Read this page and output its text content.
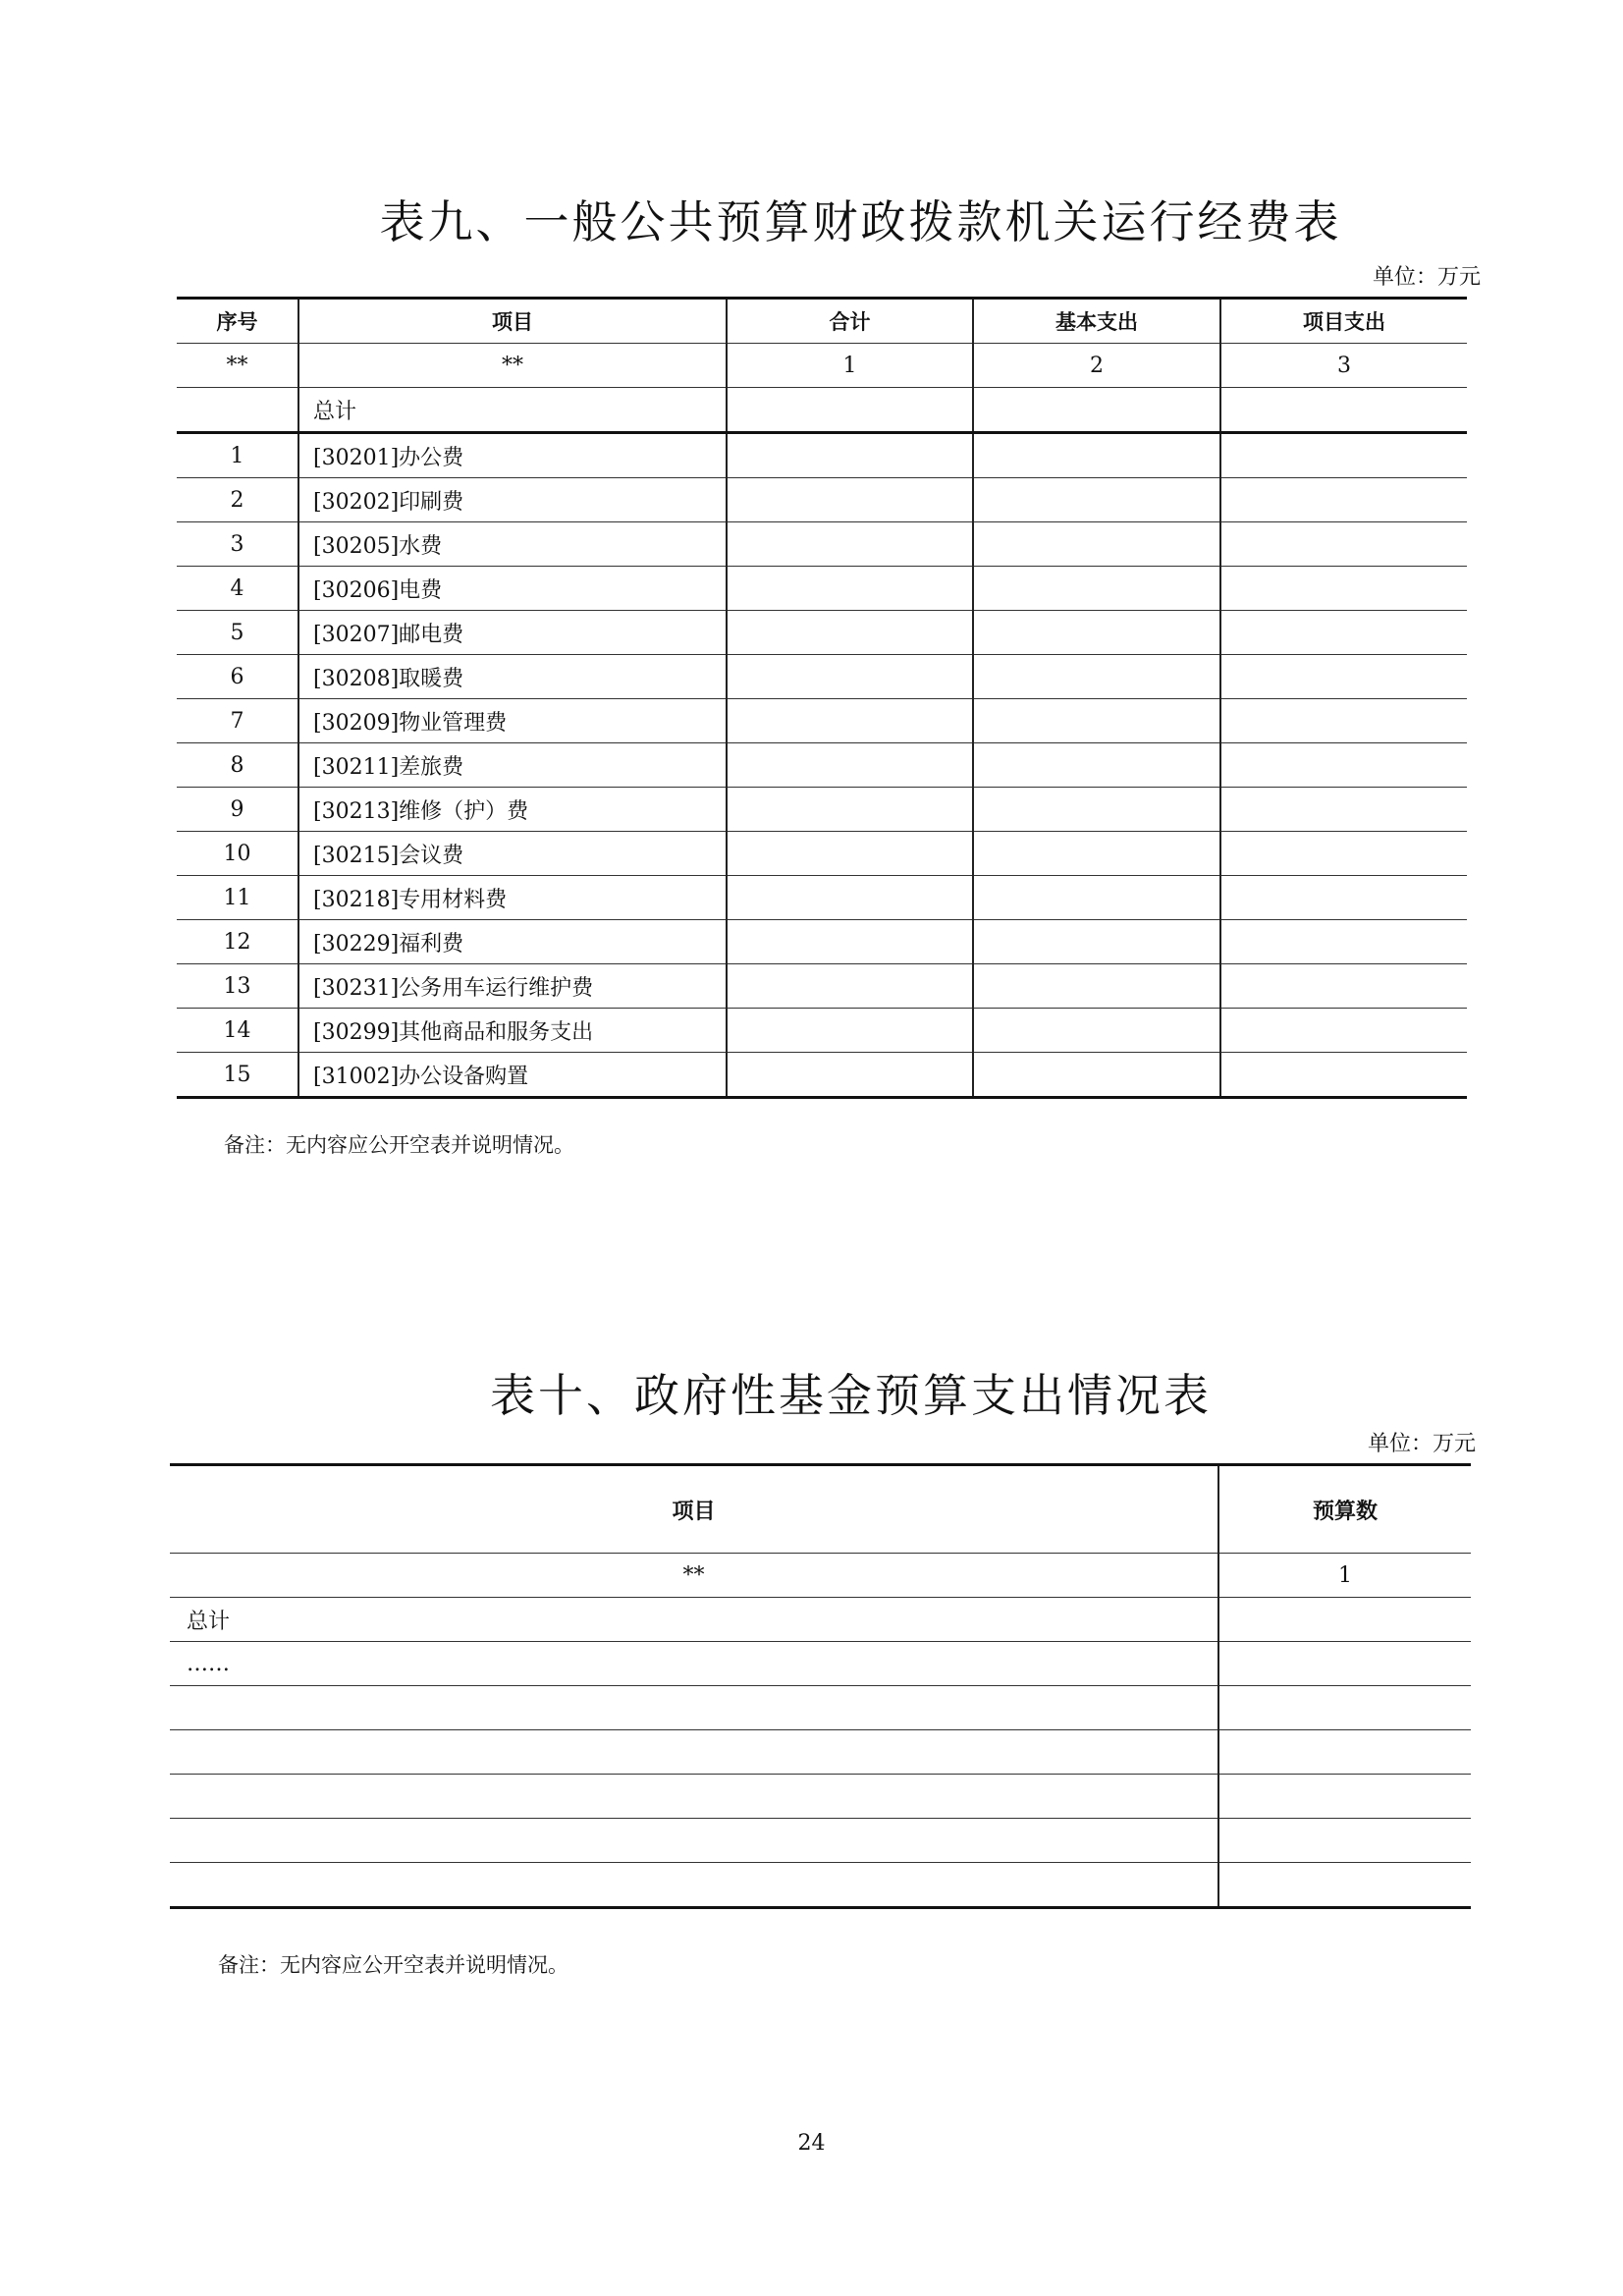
表九、一般公共预算财政拨款机关运行经费表
单位：万元
序号	项目	合计	基本支出	项目支出
**	**	1	2	3
	总计			
1	[30201]办公费			
2	[30202]印刷费			
3	[30205]水费			
4	[30206]电费			
5	[30207]邮电费			
6	[30208]取暖费			
7	[30209]物业管理费			
8	[30211]差旅费			
9	[30213]维修（护）费			
10	[30215]会议费			
11	[30218]专用材料费			
12	[30229]福利费			
13	[30231]公务用车运行维护费			
14	[30299]其他商品和服务支出			
15	[31002]办公设备购置			
备注：无内容应公开空表并说明情况。
表十、政府性基金预算支出情况表
单位：万元
项目	预算数
**	1
总计	
……	

备注：无内容应公开空表并说明情况。
24
